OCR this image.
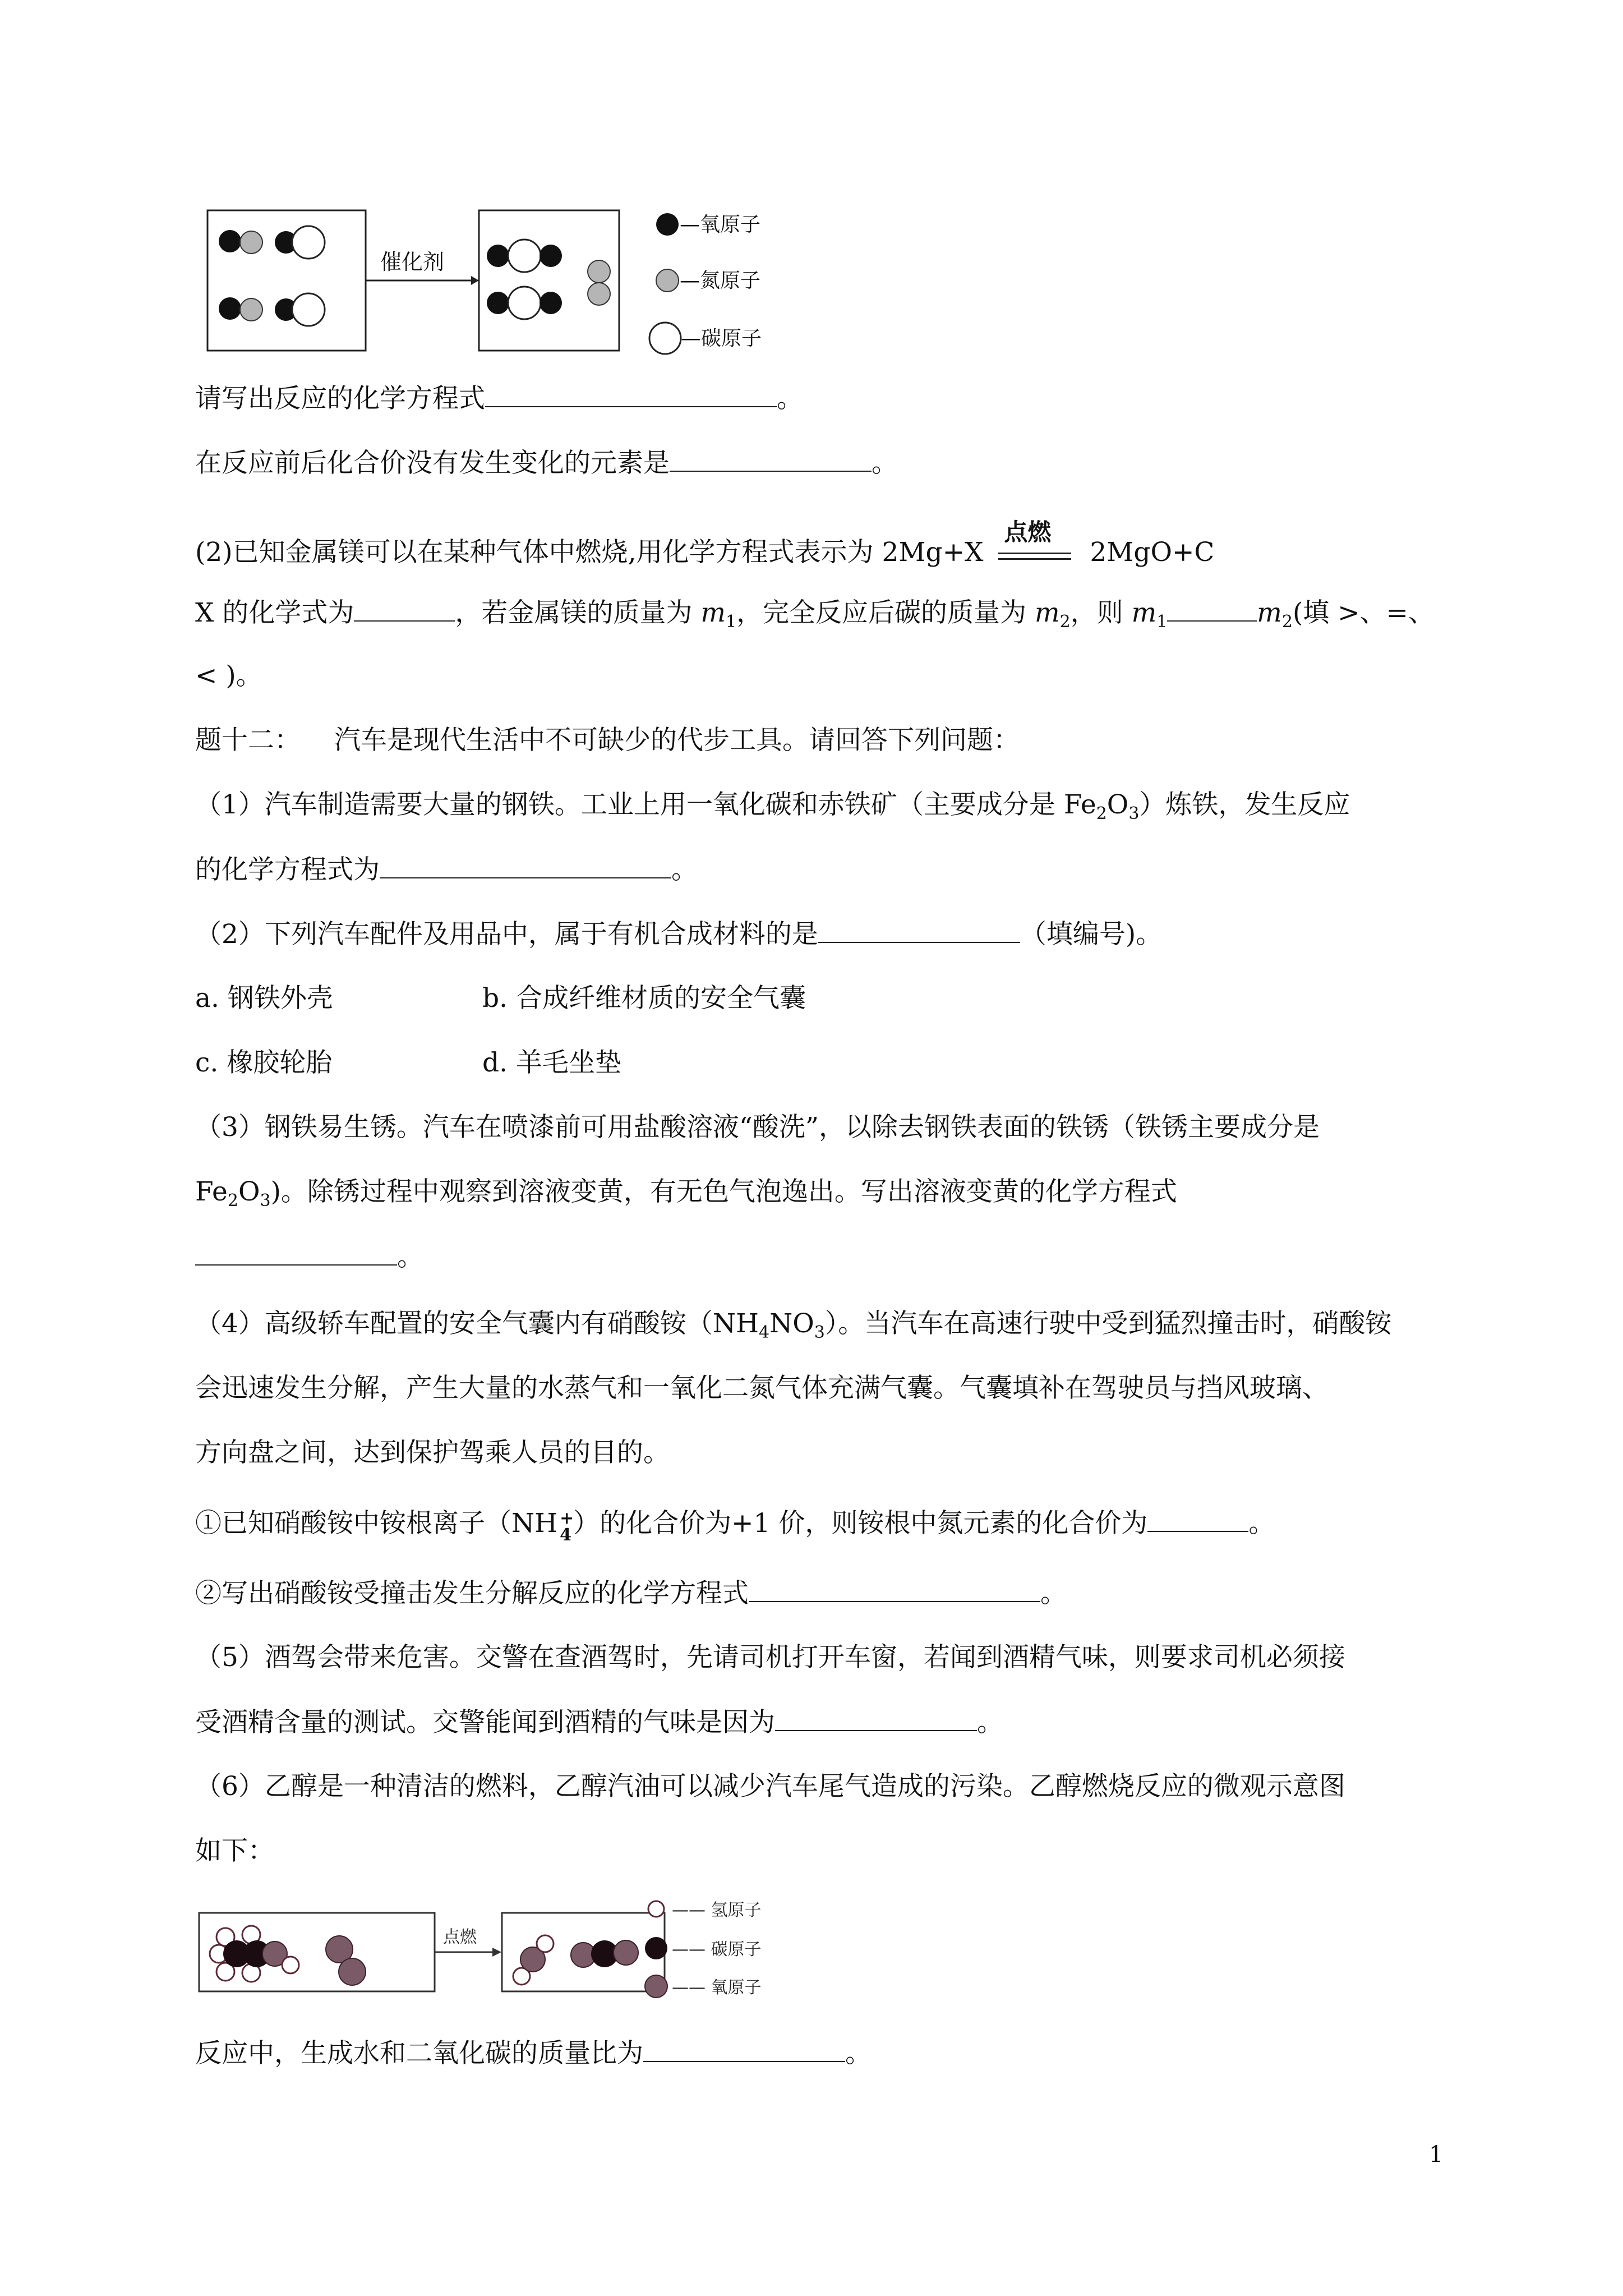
催化剂
—氧原子
—氮原子
—碳原子
请写出反应的化学方程式	。
在反应前后化合价没有发生变化的元素是	。
(2)已知金属镁可以在某种气体中燃烧,用化学方程式表示为 2Mg+X
点燃
2MgO+C
X 的化学式为	，若金属镁的质量为 $m_1$，完全反应后碳的质量为 $m_2$，则 $m_1$	$m_2$(填 >、=、
< )。
题十二： 汽车是现代生活中不可缺少的代步工具。请回答下列问题：
（1）汽车制造需要大量的钢铁。工业上用一氧化碳和赤铁矿（主要成分是 $Fe_2O_3$）炼铁，发生反应
的化学方程式为	。
（2）下列汽车配件及用品中，属于有机合成材料的是	（填编号)。
a. 钢铁外壳	b. 合成纤维材质的安全气囊
c. 橡胶轮胎	d. 羊毛坐垫
（3）钢铁易生锈。汽车在喷漆前可用盐酸溶液“酸洗”，以除去钢铁表面的铁锈（铁锈主要成分是
$Fe_2O_3$)。除锈过程中观察到溶液变黄，有无色气泡逸出。写出溶液变黄的化学方程式
。
（4）高级轿车配置的安全气囊内有硝酸铵$(NH_4NO_3)$。当汽车在高速行驶中受到猛烈撞击时，硝酸铵
会迅速发生分解，产生大量的水蒸气和一氧化二氮气体充满气囊。气囊填补在驾驶员与挡风玻璃、
方向盘之间，达到保护驾乘人员的目的。
①已知硝酸铵中铵根离子（NH +
4 ）的化合价为+1 价，则铵根中氮元素的化合价为	。
②写出硝酸铵受撞击发生分解反应的化学方程式	。
（5）酒驾会带来危害。交警在查酒驾时，先请司机打开车窗，若闻到酒精气味，则要求司机必须接
受酒精含量的测试。交警能闻到酒精的气味是因为	。
（6）乙醇是一种清洁的燃料，乙醇汽油可以减少汽车尾气造成的污染。乙醇燃烧反应的微观示意图
如下：
点燃
—— 氢原子
—— 碳原子
—— 氧原子
反应中，生成水和二氧化碳的质量比为	。
1
